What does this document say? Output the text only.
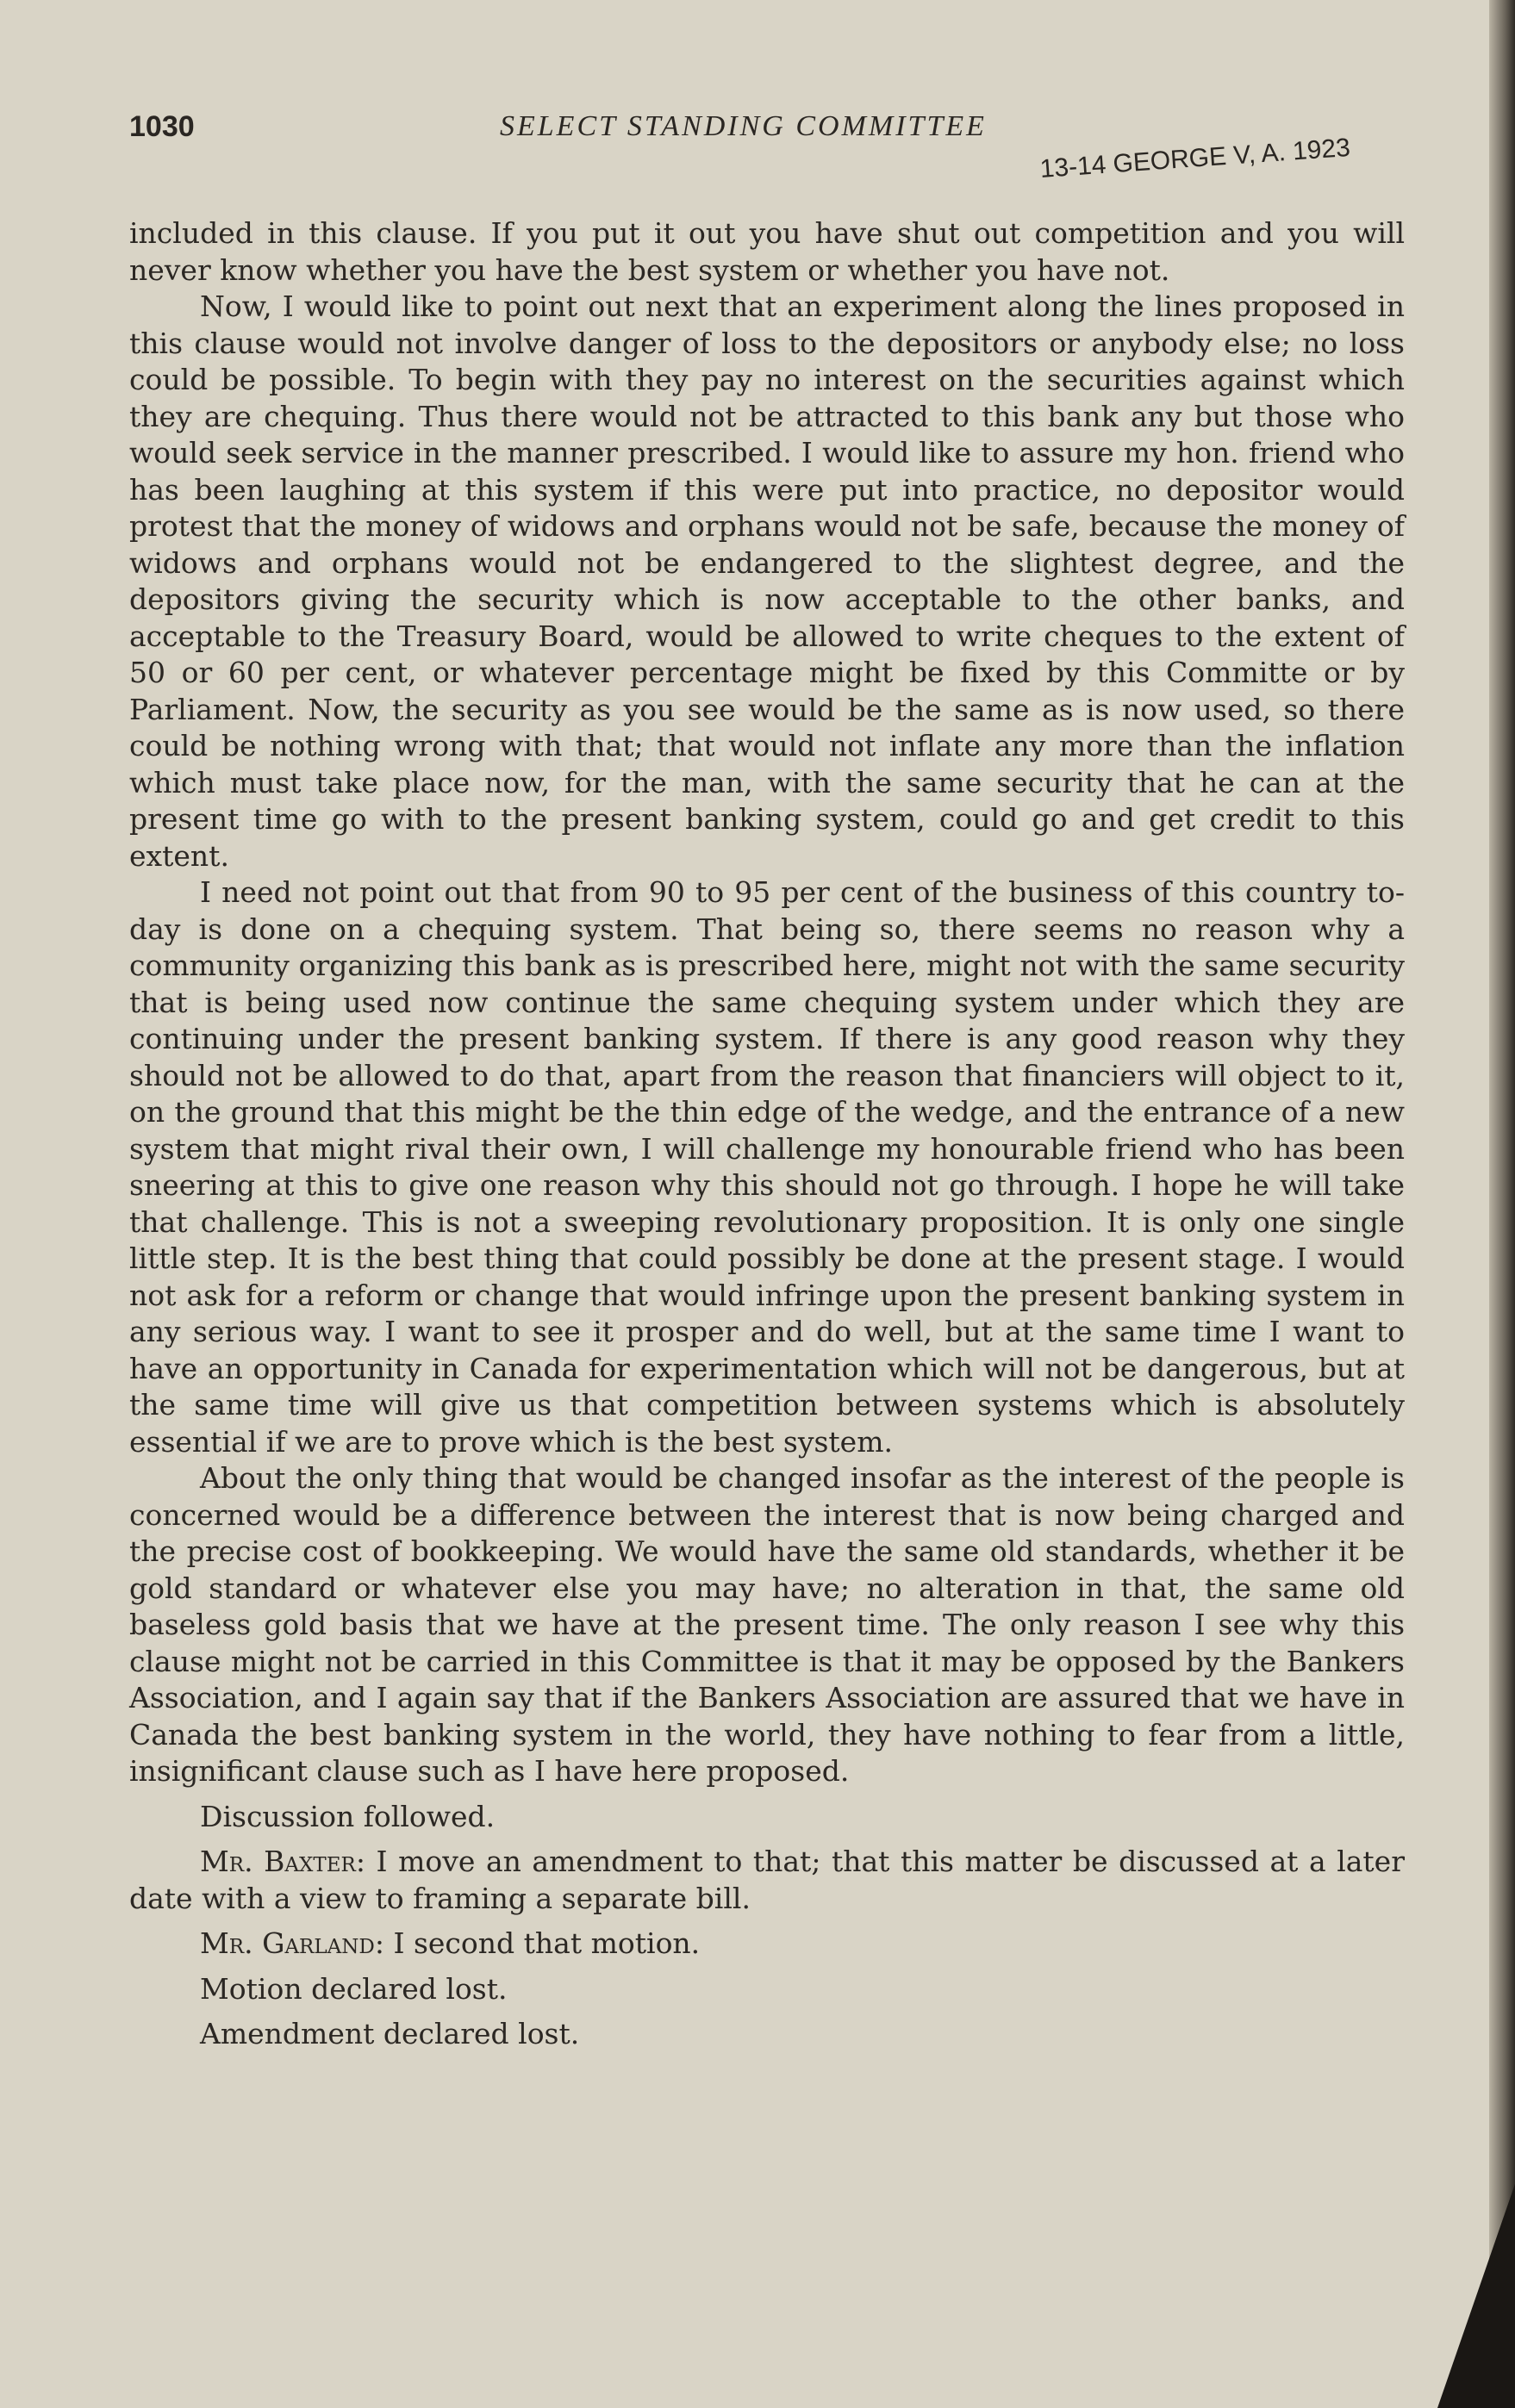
1030	SELECT STANDING COMMITTEE
13-14 GEORGE V, A. 1923

included in this clause. If you put it out you have shut out competition and you will never know whether you have the best system or whether you have not.

Now, I would like to point out next that an experiment along the lines proposed in this clause would not involve danger of loss to the depositors or anybody else; no loss could be possible. To begin with they pay no interest on the securities against which they are chequing. Thus there would not be attracted to this bank any but those who would seek service in the manner prescribed. I would like to assure my hon. friend who has been laughing at this system if this were put into practice, no depositor would protest that the money of widows and orphans would not be safe, because the money of widows and orphans would not be endangered to the slightest degree, and the depositors giving the security which is now acceptable to the other banks, and acceptable to the Treasury Board, would be allowed to write cheques to the extent of 50 or 60 per cent, or whatever percentage might be fixed by this Committe or by Parliament. Now, the security as you see would be the same as is now used, so there could be nothing wrong with that; that would not inflate any more than the inflation which must take place now, for the man, with the same security that he can at the present time go with to the present banking system, could go and get credit to this extent.

I need not point out that from 90 to 95 per cent of the business of this country to-day is done on a chequing system. That being so, there seems no reason why a community organizing this bank as is prescribed here, might not with the same security that is being used now continue the same chequing system under which they are continuing under the present banking system. If there is any good reason why they should not be allowed to do that, apart from the reason that financiers will object to it, on the ground that this might be the thin edge of the wedge, and the entrance of a new system that might rival their own, I will challenge my honourable friend who has been sneering at this to give one reason why this should not go through. I hope he will take that challenge. This is not a sweeping revolutionary proposition. It is only one single little step. It is the best thing that could possibly be done at the present stage. I would not ask for a reform or change that would infringe upon the present banking system in any serious way. I want to see it prosper and do well, but at the same time I want to have an opportunity in Canada for experimentation which will not be dangerous, but at the same time will give us that competition between systems which is absolutely essential if we are to prove which is the best system.

About the only thing that would be changed insofar as the interest of the people is concerned would be a difference between the interest that is now being charged and the precise cost of bookkeeping. We would have the same old standards, whether it be gold standard or whatever else you may have; no alteration in that, the same old baseless gold basis that we have at the present time. The only reason I see why this clause might not be carried in this Committee is that it may be opposed by the Bankers Association, and I again say that if the Bankers Association are assured that we have in Canada the best banking system in the world, they have nothing to fear from a little, insignificant clause such as I have here proposed.

Discussion followed.

Mr. Baxter: I move an amendment to that; that this matter be discussed at a later date with a view to framing a separate bill.

Mr. Garland: I second that motion.

Motion declared lost.

Amendment declared lost.
